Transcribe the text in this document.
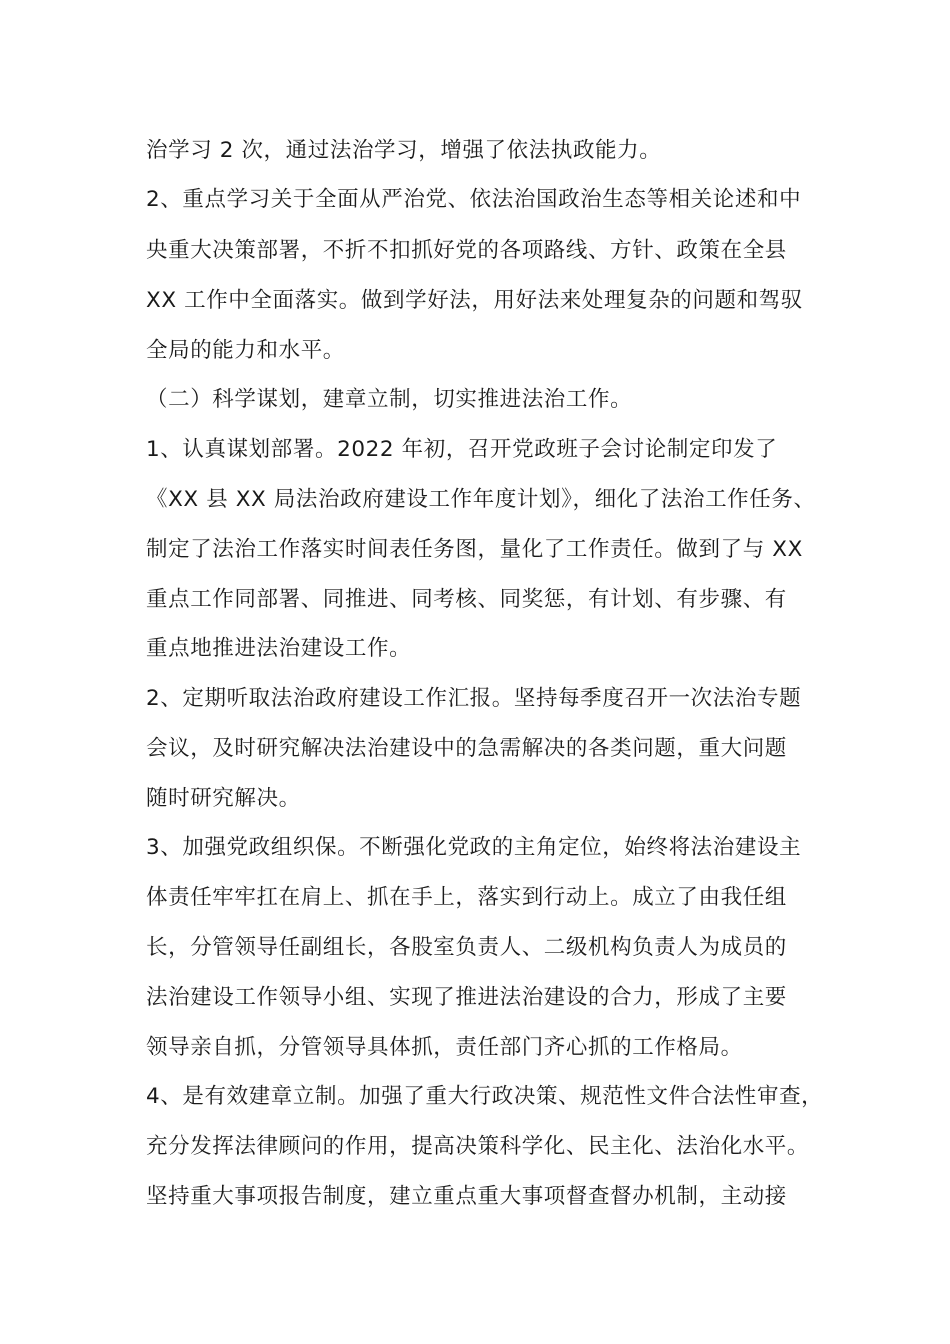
治学习 2 次，通过法治学习，增强了依法执政能力。
2、重点学习关于全面从严治党、依法治国政治生态等相关论述和中
央重大决策部署，不折不扣抓好党的各项路线、方针、政策在全县
XX 工作中全面落实。做到学好法，用好法来处理复杂的问题和驾驭
全局的能力和水平。
（二）科学谋划，建章立制，切实推进法治工作。
1、认真谋划部署。2022 年初，召开党政班子会讨论制定印发了
《XX 县 XX 局法治政府建设工作年度计划》，细化了法治工作任务、
制定了法治工作落实时间表任务图，量化了工作责任。做到了与 XX
重点工作同部署、同推进、同考核、同奖惩，有计划、有步骤、有
重点地推进法治建设工作。
2、定期听取法治政府建设工作汇报。坚持每季度召开一次法治专题
会议，及时研究解决法治建设中的急需解决的各类问题，重大问题
随时研究解决。
3、加强党政组织保。不断强化党政的主角定位，始终将法治建设主
体责任牢牢扛在肩上、抓在手上，落实到行动上。成立了由我任组
长，分管领导任副组长，各股室负责人、二级机构负责人为成员的
法治建设工作领导小组、实现了推进法治建设的合力，形成了主要
领导亲自抓，分管领导具体抓，责任部门齐心抓的工作格局。
4、是有效建章立制。加强了重大行政决策、规范性文件合法性审查，
充分发挥法律顾问的作用，提高决策科学化、民主化、法治化水平。
坚持重大事项报告制度，建立重点重大事项督查督办机制，主动接
